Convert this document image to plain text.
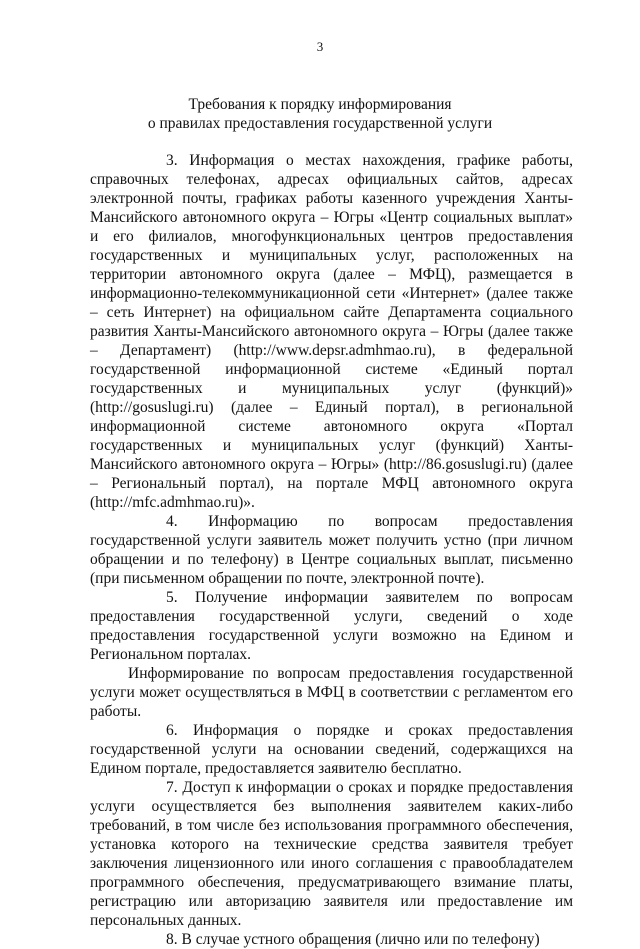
3
Требования к порядку информирования
о правилах предоставления государственной услуги

3. Информация о местах нахождения, графике работы, справочных телефонах, адресах официальных сайтов, адресах электронной почты, графиках работы казенного учреждения Ханты-Мансийского автономного округа – Югры «Центр социальных выплат» и его филиалов, многофункциональных центров предоставления государственных и муниципальных услуг, расположенных на территории автономного округа (далее – МФЦ), размещается в информационно-телекоммуникационной сети «Интернет» (далее также – сеть Интернет) на официальном сайте Департамента социального развития Ханты-Мансийского автономного округа – Югры (далее также – Департамент) (http://www.depsr.admhmao.ru), в федеральной государственной информационной системе «Единый портал государственных и муниципальных услуг (функций)» (http://gosuslugi.ru) (далее – Единый портал), в региональной информационной системе автономного округа «Портал государственных и муниципальных услуг (функций) Ханты-Мансийского автономного округа – Югры» (http://86.gosuslugi.ru) (далее – Региональный портал), на портале МФЦ автономного округа (http://mfc.admhmao.ru)».

4. Информацию по вопросам предоставления государственной услуги заявитель может получить устно (при личном обращении и по телефону) в Центре социальных выплат, письменно (при письменном обращении по почте, электронной почте).

5. Получение информации заявителем по вопросам предоставления государственной услуги, сведений о ходе предоставления государственной услуги возможно на Едином и Региональном порталах.

Информирование по вопросам предоставления государственной услуги может осуществляться в МФЦ в соответствии с регламентом его работы.

6. Информация о порядке и сроках предоставления государственной услуги на основании сведений, содержащихся на Едином портале, предоставляется заявителю бесплатно.

7. Доступ к информации о сроках и порядке предоставления услуги осуществляется без выполнения заявителем каких-либо требований, в том числе без использования программного обеспечения, установка которого на технические средства заявителя требует заключения лицензионного или иного соглашения с правообладателем программного обеспечения, предусматривающего взимание платы, регистрацию или авторизацию заявителя или предоставление им персональных данных.

8. В случае устного обращения (лично или по телефону)
